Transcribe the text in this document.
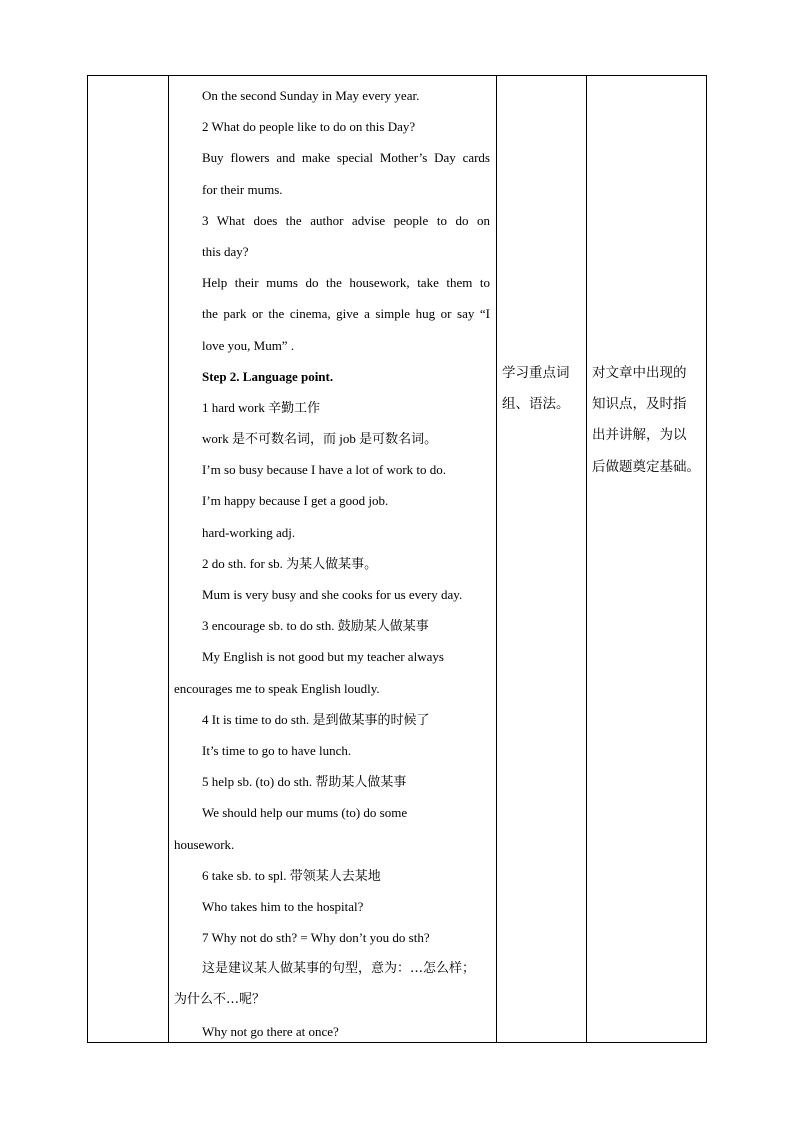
On the second Sunday in May every year.
2 What do people like to do on this Day?
Buy flowers and make special Mother’s Day cards
for their mums.
3 What does the author advise people to do on
this day?
Help their mums do the housework, take them to
the park or the cinema, give a simple hug or say “I
love you, Mum” .
Step 2. Language point.
1 hard work 辛勤工作
work 是不可数名词，而 job 是可数名词。
I’m so busy because I have a lot of work to do.
I’m happy because I get a good job.
hard-working adj.
2 do sth. for sb. 为某人做某事。
Mum is very busy and she cooks for us every day.
3 encourage sb. to do sth. 鼓励某人做某事
My English is not good but my teacher always
encourages me to speak English loudly.
4 It is time to do sth. 是到做某事的时候了
It’s time to go to have lunch.
5 help sb. (to) do sth. 帮助某人做某事
We should help our mums (to) do some
housework.
6 take sb. to spl. 带领某人去某地
Who takes him to the hospital?
7 Why not do sth? = Why don’t you do sth?
这是建议某人做某事的句型，意为：…怎么样；
为什么不…呢？
Why not go there at once?
学习重点词
组、语法。
对文章中出现的
知识点，及时指
出并讲解，为以
后做题奠定基础。
